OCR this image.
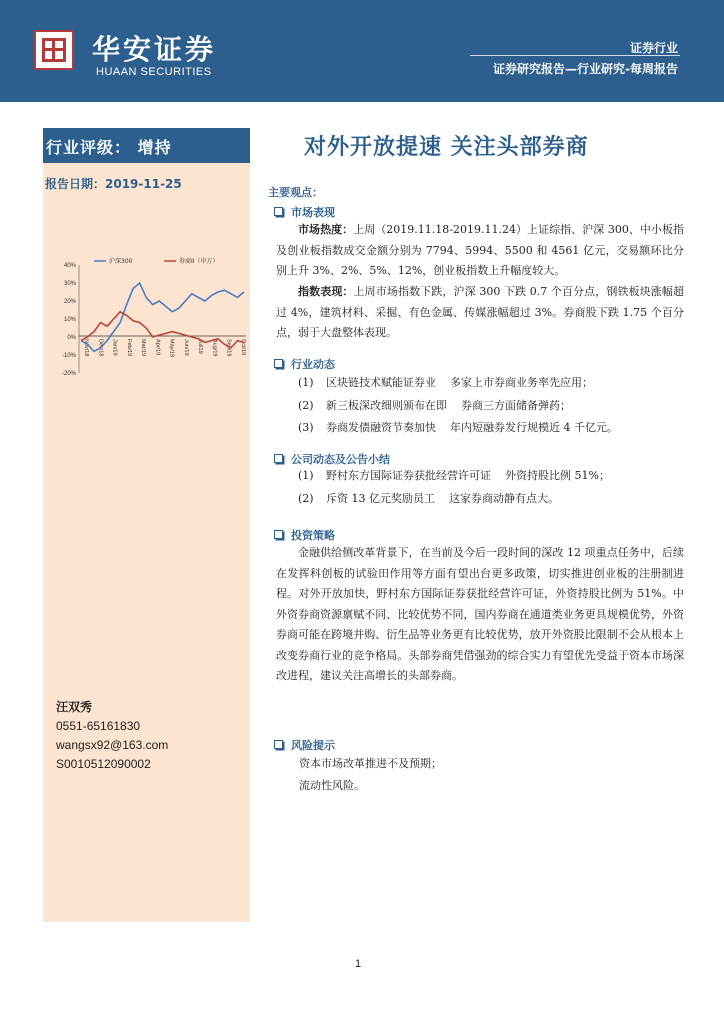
华安证券
HUAAN SECURITIES
证券行业
证券研究报告—行业研究-每周报告
行业评级： 增持
报告日期：2019-11-25
40%
30%
20%
10%
0%
-10%
-20%
Nov/18 Dec/18 Jan/19 Feb/19 Mar/19 Apr/19 May/19 Jun/19 Jul/19 Aug/19 Sep/19 Oct/19
沪深300	券商II（申万）
汪双秀
0551-65161830
wangsx92@163.com
S0010512090002
对外开放提速 关注头部券商
主要观点：
市场表现
市场热度：上周（2019.11.18-2019.11.24）上证综指、沪深 300、中小板指及创业板指数成交金额分别为 7794、5994、5500 和 4561 亿元，交易额环比分别上升 3%、2%、5%、12%，创业板指数上升幅度较大。
指数表现：上周市场指数下跌，沪深 300 下跌 0.7 个百分点，钢铁板块涨幅超过 4%，建筑材料、采掘、有色金属、传媒涨幅超过 3%。券商股下跌 1.75 个百分点，弱于大盘整体表现。
行业动态
(1) 区块链技术赋能证券业 多家上市券商业务率先应用；
(2) 新三板深改细则颁布在即 券商三方面储备弹药；
(3) 券商发债融资节奏加快 年内短融券发行规模近 4 千亿元。
公司动态及公告小结
(1) 野村东方国际证券获批经营许可证 外资持股比例 51%；
(2) 斥资 13 亿元奖励员工 这家券商动静有点大。
投资策略
金融供给侧改革背景下，在当前及今后一段时间的深改 12 项重点任务中，后续在发挥科创板的试验田作用等方面有望出台更多政策，切实推进创业板的注册制进程。对外开放加快，野村东方国际证券获批经营许可证，外资持股比例为 51%。中外资券商资源禀赋不同、比较优势不同，国内券商在通道类业务更具规模优势，外资券商可能在跨境并购、衍生品等业务更有比较优势，放开外资股比限制不会从根本上改变券商行业的竞争格局。头部券商凭借强劲的综合实力有望优先受益于资本市场深改进程，建议关注高增长的头部券商。
风险提示
资本市场改革推进不及预期；
流动性风险。
1
